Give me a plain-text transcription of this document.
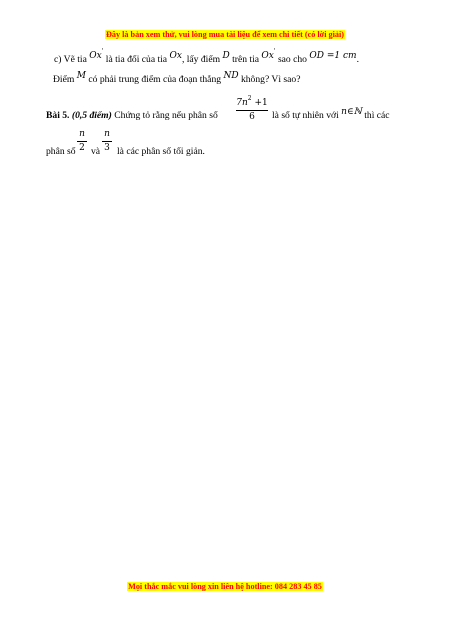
Đây là bản xem thử, vui lòng mua tài liệu để xem chi tiết (có lời giải)
c) Vẽ tia Ox' là tia đối của tia Ox, lấy điểm D trên tia Ox' sao cho OD =1 cm.
Điểm M có phải trung điểm của đoạn thẳng ND không? Vì sao?
Bài 5. (0,5 điểm) Chứng tỏ rằng nếu phân số
$7n^2 +1$
6	là số tự nhiên với n∈ℕ thì các
phân số
n
2 và
n
3 là các phân số tối giản.
Mọi thắc mắc vui lòng xin liên hệ hotline: 084 283 45 85
